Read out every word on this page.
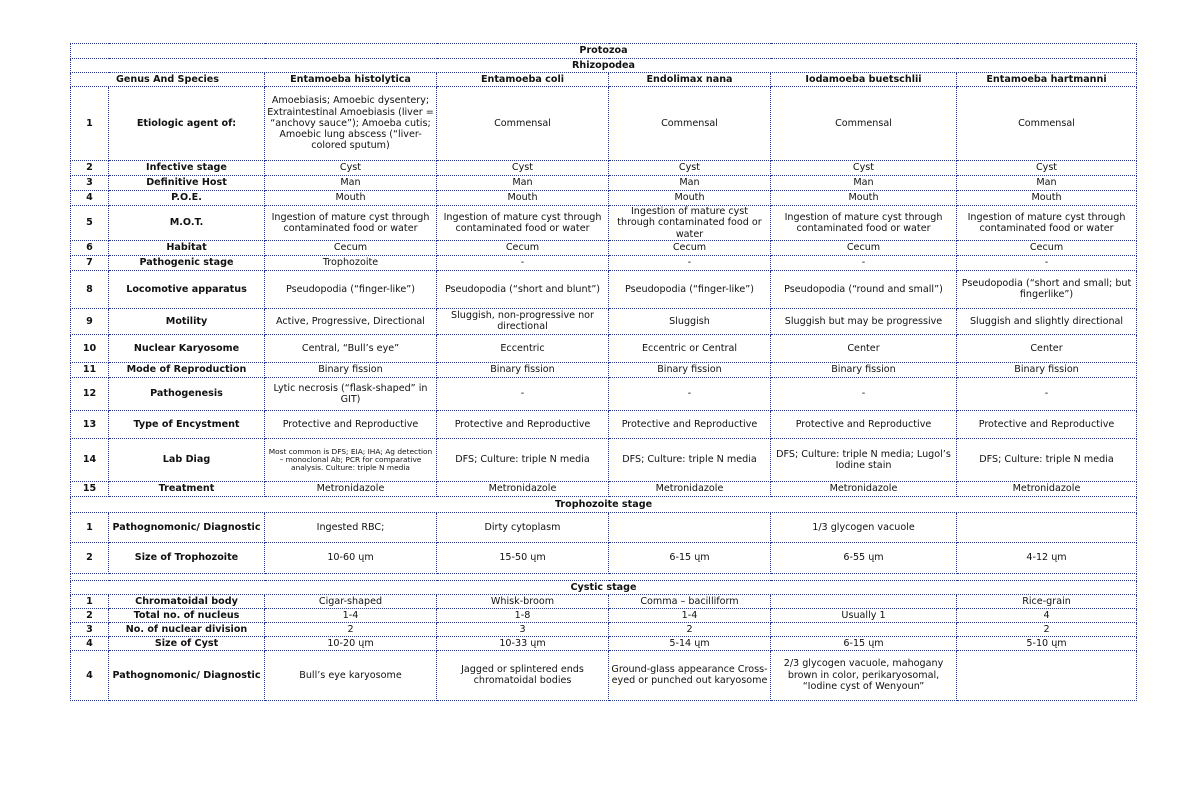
Protozoa						
Rhizopodea						
Genus And Species		Entamoeba histolytica	Entamoeba coli	Endolimax nana	Iodamoeba buetschlii	Entamoeba hartmanni
1	Etiologic agent of:	Amoebiasis; Amoebic dysentery; Extraintestinal Amoebiasis (liver = “anchovy sauce”); Amoeba cutis; Amoebic lung abscess (“liver-colored sputum)	Commensal	Commensal	Commensal	Commensal
2	Infective stage	Cyst	Cyst	Cyst	Cyst	Cyst
3	Definitive Host	Man	Man	Man	Man	Man
4	P.O.E.	Mouth	Mouth	Mouth	Mouth	Mouth
5	M.O.T.	Ingestion of mature cyst through contaminated food or water	Ingestion of mature cyst through contaminated food or water	Ingestion of mature cyst through contaminated food or water	Ingestion of mature cyst through contaminated food or water	Ingestion of mature cyst through contaminated food or water
6	Habitat	Cecum	Cecum	Cecum	Cecum	Cecum
7	Pathogenic stage	Trophozoite	-	-	-	-
8	Locomotive apparatus	Pseudopodia (“finger-like”)	Pseudopodia (“short and blunt”)	Pseudopodia (“finger-like”)	Pseudopodia (“round and small”)	Pseudopodia (“short and small; but fingerlike”)
9	Motility	Active, Progressive, Directional	Sluggish, non-progressive nor directional	Sluggish	Sluggish but may be progressive	Sluggish and slightly directional
10	Nuclear Karyosome	Central, “Bull’s eye”	Eccentric	Eccentric or Central	Center	Center
11	Mode of Reproduction	Binary fission	Binary fission	Binary fission	Binary fission	Binary fission
12	Pathogenesis	Lytic necrosis (“flask-shaped” in GIT)	-	-	-	-
13	Type of Encystment	Protective and Reproductive	Protective and Reproductive	Protective and Reproductive	Protective and Reproductive	Protective and Reproductive
14	Lab Diag	Most common is DFS; EIA; IHA; Ag detection – monoclonal Ab; PCR for comparative analysis. Culture: triple N media	DFS; Culture: triple N media	DFS; Culture: triple N media	DFS; Culture: triple N media; Lugol’s Iodine stain	DFS; Culture: triple N media
15	Treatment	Metronidazole	Metronidazole	Metronidazole	Metronidazole	Metronidazole
Trophozoite stage						
1	Pathognomonic/ Diagnostic	Ingested RBC;	Dirty cytoplasm		1/3 glycogen vacuole	
2	Size of Trophozoite	10-60 ųm	15-50 ųm	6-15 ųm	6-55 ųm	4-12 ųm

Cystic stage						
1	Chromatoidal body	Cigar-shaped	Whisk-broom	Comma – bacilliform		Rice-grain
2	Total no. of nucleus	1-4	1-8	1-4	Usually 1	4
3	No. of nuclear division	2	3	2		2
4	Size of Cyst	10-20 ųm	10-33 ųm	5-14 ųm	6-15 ųm	5-10 ųm
4	Pathognomonic/ Diagnostic	Bull’s eye karyosome	Jagged or splintered ends chromatoidal bodies	Ground-glass appearance Cross-eyed or punched out karyosome	2/3 glycogen vacuole, mahogany brown in color, perikaryosomal, “Iodine cyst of Wenyoun”	
